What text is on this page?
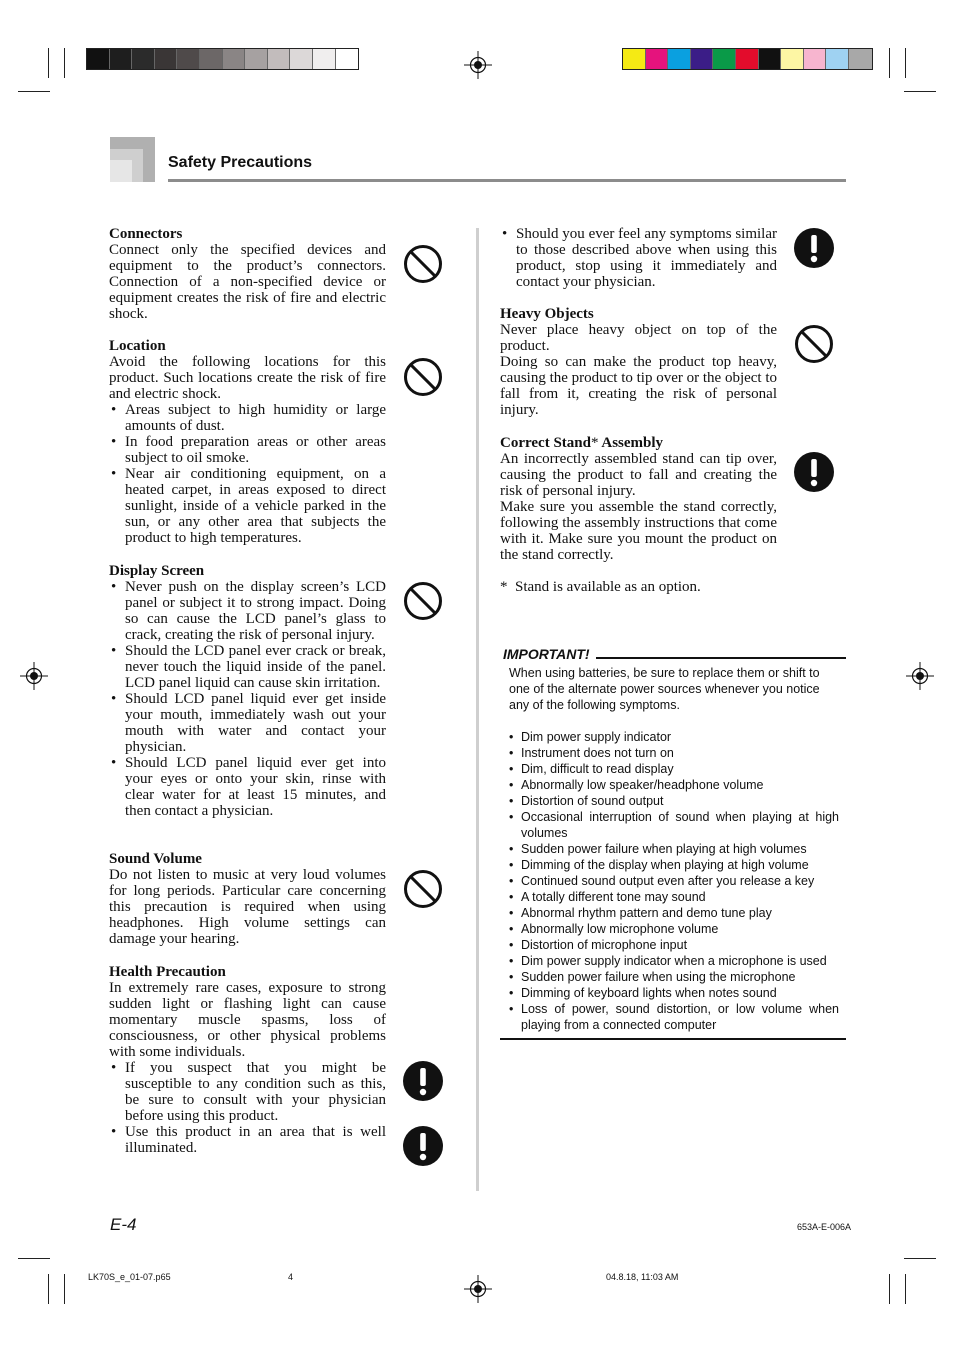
Safety Precautions
Connectors
Connect only the specified devices and equipment to the product’s connectors. Connection of a non-specified device or equipment creates the risk of fire and electric shock.
Location

Avoid the following locations for this product. Such locations create the risk of fire and electric shock.

• Areas subject to high humidity or large amounts of dust.

• In food preparation areas or other areas subject to oil smoke.

• Near air conditioning equipment, on a heated carpet, in areas exposed to direct sunlight, inside of a vehicle parked in the sun, or any other area that subjects the product to high temperatures.

Display Screen

• Never push on the display screen’s LCD panel or subject it to strong impact. Doing so can cause the LCD panel’s glass to crack, creating the risk of personal injury.

• Should the LCD panel ever crack or break, never touch the liquid inside of the panel. LCD panel liquid can cause skin irritation.

• Should LCD panel liquid ever get inside your mouth, immediately wash out your mouth with water and contact your physician.

• Should LCD panel liquid ever get into your eyes or onto your skin, rinse with clear water for at least 15 minutes, and then contact a physician.

Sound Volume
Do not listen to music at very loud volumes for long periods. Particular care concerning this precaution is required when using headphones. High volume settings can damage your hearing.
Health Precaution

In extremely rare cases, exposure to strong sudden light or flashing light can cause momentary muscle spasms, loss of consciousness, or other physical problems with some individuals.

• If you suspect that you might be susceptible to any condition such as this, be sure to consult with your physician before using this product.

• Use this product in an area that is well illuminated.

• Should you ever feel any symptoms similar to those described above when using this product, stop using it immediately and contact your physician.

Heavy Objects

Never place heavy object on top of the product.

Doing so can make the product top heavy, causing the product to tip over or the object to fall from it, creating the risk of personal injury.

Correct Stand* Assembly

An incorrectly assembled stand can tip over, causing the product to fall and creating the risk of personal injury.

Make sure you assemble the stand correctly, following the assembly instructions that come with it. Make sure you mount the product on the stand correctly.

*  Stand is available as an option.
IMPORTANT!
When using batteries, be sure to replace them or shift to one of the alternate power sources whenever you notice any of the following symptoms.
• Dim power supply indicator
• Instrument does not turn on
• Dim, difficult to read display
• Abnormally low speaker/headphone volume
• Distortion of sound output
• Occasional interruption of sound when playing at high volumes
• Sudden power failure when playing at high volumes
• Dimming of the display when playing at high volume
• Continued sound output even after you release a key
• A totally different tone may sound
• Abnormal rhythm pattern and demo tune play
• Abnormally low microphone volume
• Distortion of microphone input
• Dim power supply indicator when a microphone is used
• Sudden power failure when using the microphone
• Dimming of keyboard lights when notes sound
• Loss of power, sound distortion, or low volume when playing from a connected computer
E-4	653A-E-006A
LK70S_e_01-07.p65	4	04.8.18, 11:03 AM
